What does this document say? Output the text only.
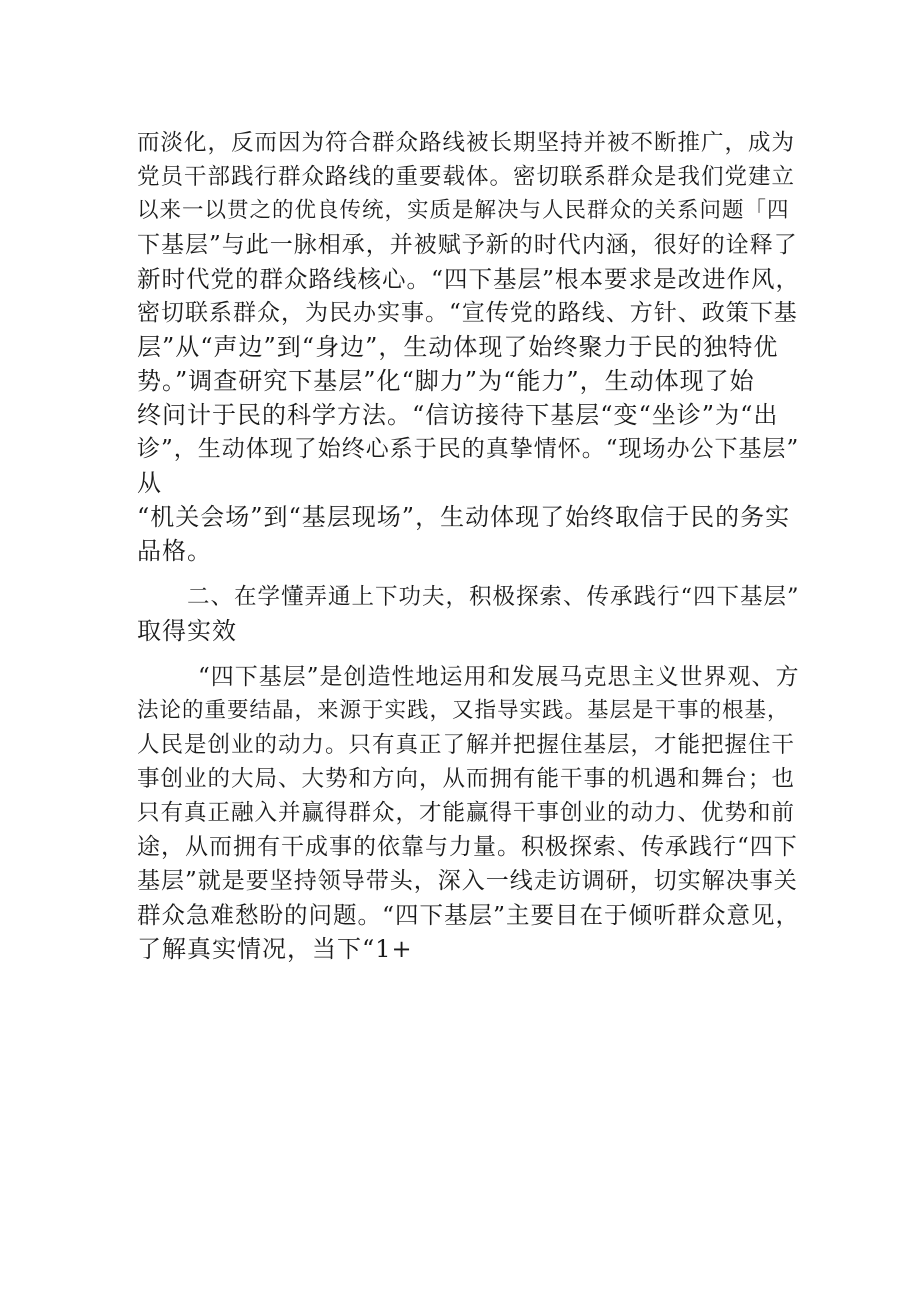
而淡化，反而因为符合群众路线被长期坚持并被不断推广，成为
党员干部践行群众路线的重要载体。密切联系群众是我们党建立
以来一以贯之的优良传统，实质是解决与人民群众的关系问题「四
下基层”与此一脉相承，并被赋予新的时代内涵，很好的诠释了
新时代党的群众路线核心。“四下基层”根本要求是改进作风，
密切联系群众，为民办实事。“宣传党的路线、方针、政策下基
层”从“声边”到“身边”，生动体现了始终聚力于民的独特优
势。”调查研究下基层”化“脚力”为“能力”，生动体现了始
终问计于民的科学方法。“信访接待下基层“变“坐诊”为“出
诊”，生动体现了始终心系于民的真挚情怀。“现场办公下基层”
从
“机关会场”到“基层现场”，生动体现了始终取信于民的务实
品格。
二、在学懂弄通上下功夫，积极探索、传承践行“四下基层”
取得实效
“四下基层”是创造性地运用和发展马克思主义世界观、方
法论的重要结晶，来源于实践，又指导实践。基层是干事的根基，
人民是创业的动力。只有真正了解并把握住基层，才能把握住干
事创业的大局、大势和方向，从而拥有能干事的机遇和舞台；也
只有真正融入并赢得群众，才能赢得干事创业的动力、优势和前
途，从而拥有干成事的依靠与力量。积极探索、传承践行“四下
基层”就是要坚持领导带头，深入一线走访调研，切实解决事关
群众急难愁盼的问题。“四下基层”主要目在于倾听群众意见，
了解真实情况，当下“1+
